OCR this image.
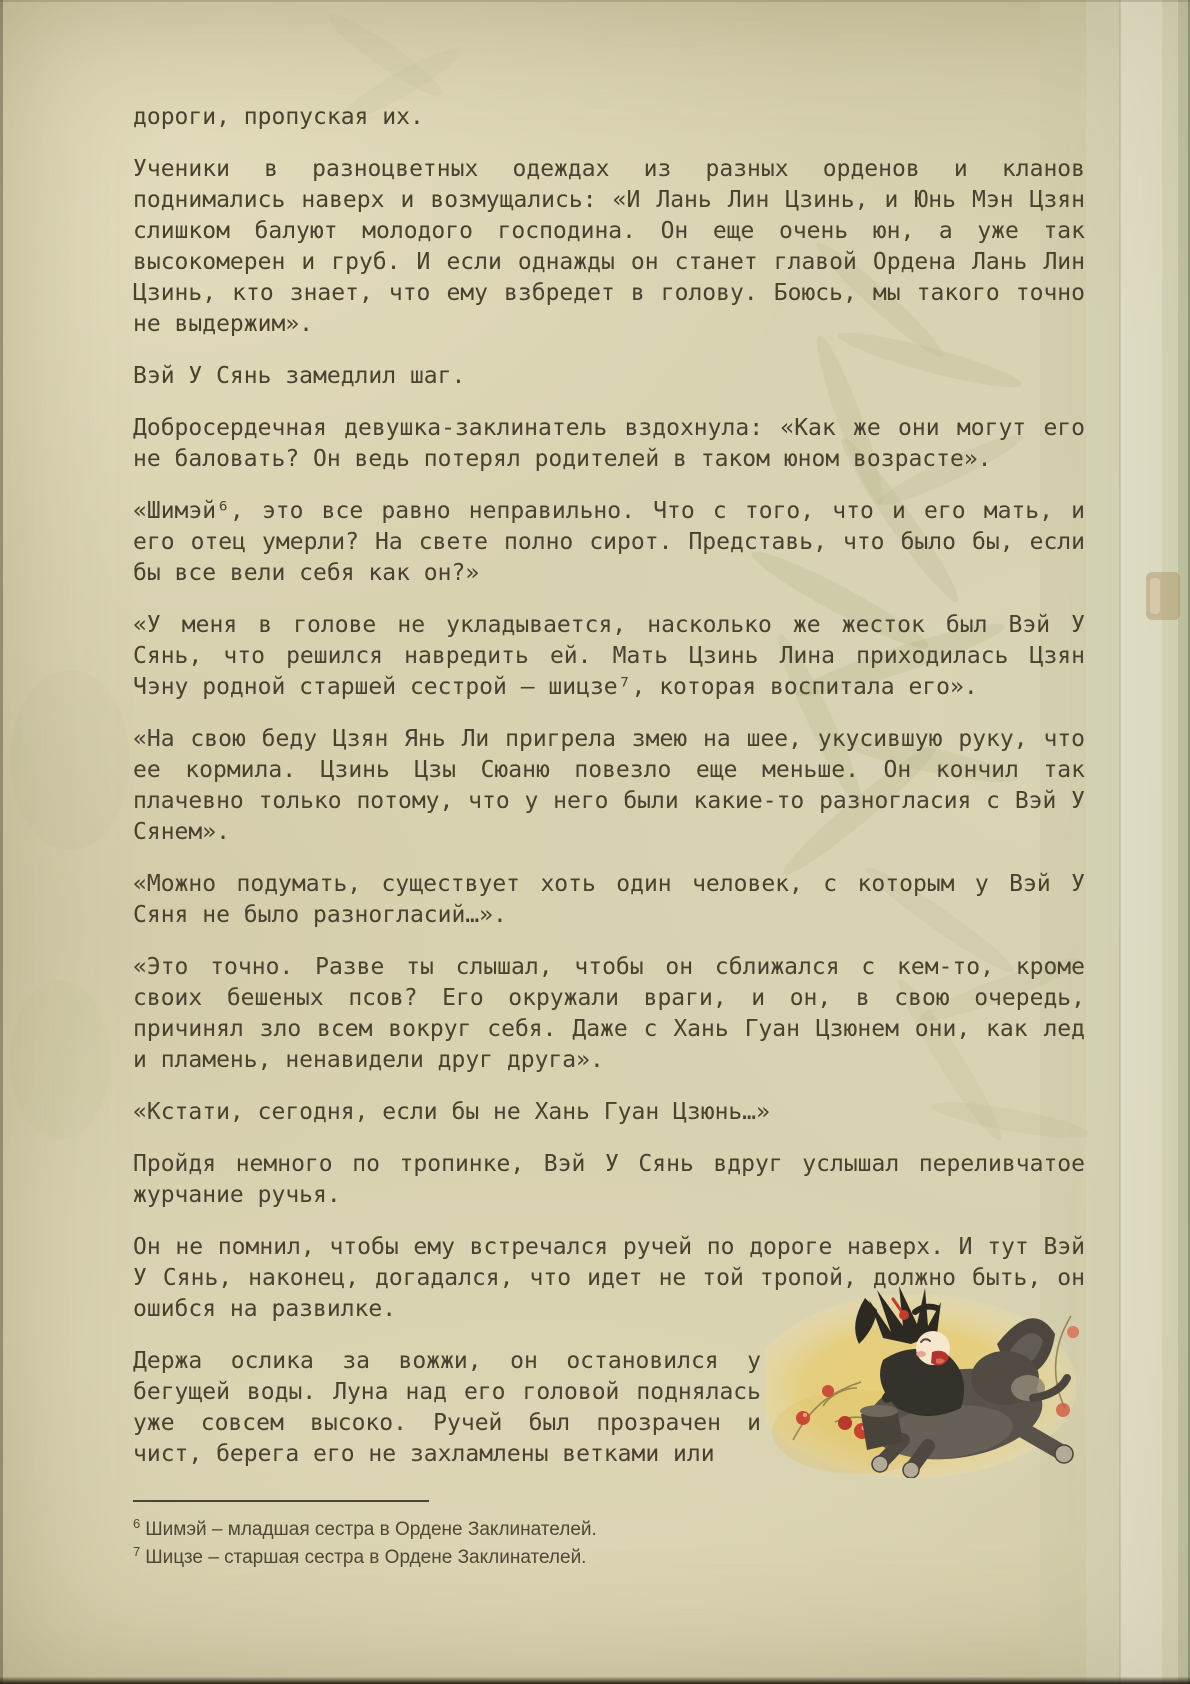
дороги, пропуская их.

Ученики в разноцветных одеждах из разных орденов и кланов поднимались наверх и возмущались: «И Лань Лин Цзинь, и Юнь Мэн Цзян слишком балуют молодого господина. Он еще очень юн, а уже так высокомерен и груб. И если однажды он станет главой Ордена Лань Лин Цзинь, кто знает, что ему взбредет в голову. Боюсь, мы такого точно не выдержим».

Вэй У Сянь замедлил шаг.

Добросердечная девушка-заклинатель вздохнула: «Как же они могут его не баловать? Он ведь потерял родителей в таком юном возрасте».

«Шимэй⁶, это все равно неправильно. Что с того, что и его мать, и его отец умерли? На свете полно сирот. Представь, что было бы, если бы все вели себя как он?»

«У меня в голове не укладывается, насколько же жесток был Вэй У Сянь, что решился навредить ей. Мать Цзинь Лина приходилась Цзян Чэну родной старшей сестрой – шицзе⁷, которая воспитала его».

«На свою беду Цзян Янь Ли пригрела змею на шее, укусившую руку, что ее кормила. Цзинь Цзы Сюаню повезло еще меньше. Он кончил так плачевно только потому, что у него были какие-то разногласия с Вэй У Сянем».

«Можно подумать, существует хоть один человек, с которым у Вэй У Сяня не было разногласий…».

«Это точно. Разве ты слышал, чтобы он сближался с кем-то, кроме своих бешеных псов? Его окружали враги, и он, в свою очередь, причинял зло всем вокруг себя. Даже с Хань Гуан Цзюнем они, как лед и пламень, ненавидели друг друга».

«Кстати, сегодня, если бы не Хань Гуан Цзюнь…»

Пройдя немного по тропинке, Вэй У Сянь вдруг услышал переливчатое журчание ручья.

Он не помнил, чтобы ему встречался ручей по дороге наверх. И тут Вэй У Сянь, наконец, догадался, что идет не той тропой, должно быть, он ошибся на развилке.

Держа ослика за вожжи, он остановился у бегущей воды. Луна над его головой поднялась уже совсем высоко. Ручей был прозрачен и чист, берега его не захламлены ветками или

$^6$ Шимэй – младшая сестра в Ордене Заклинателей.
$^7$ Шицзе – старшая сестра в Ордене Заклинателей.
